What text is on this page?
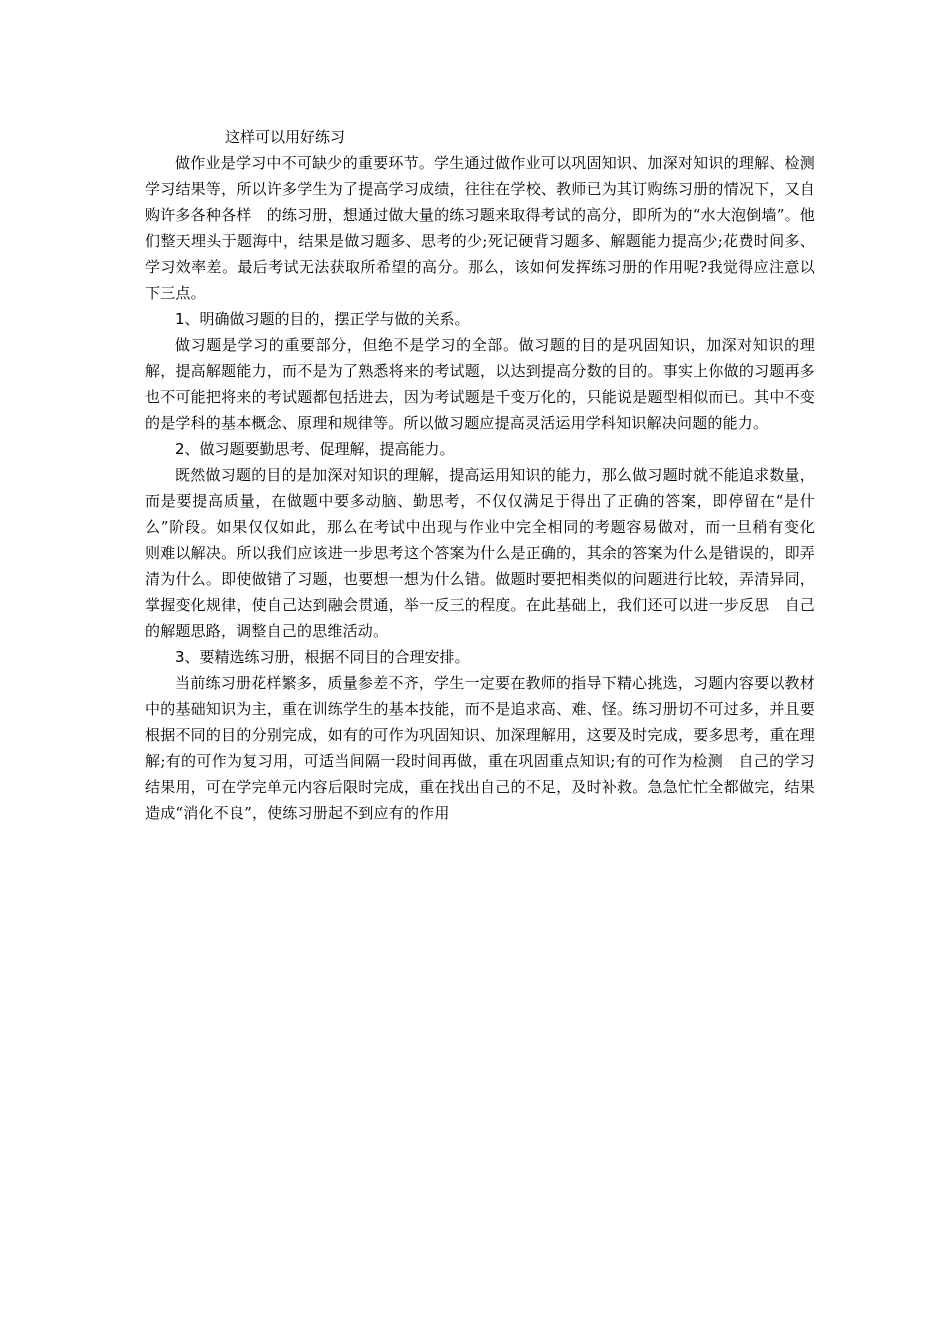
这样可以用好练习

做作业是学习中不可缺少的重要环节。学生通过做作业可以巩固知识、加深对知识的理解、检测学习结果等，所以许多学生为了提高学习成绩，往往在学校、教师已为其订购练习册的情况下，又自购许多各种各样　的练习册，想通过做大量的练习题来取得考试的高分，即所为的“水大泡倒墙”。他们整天埋头于题海中，结果是做习题多、思考的少;死记硬背习题多、解题能力提高少;花费时间多、学习效率差。最后考试无法获取所希望的高分。那么，该如何发挥练习册的作用呢?我觉得应注意以下三点。

1、明确做习题的目的，摆正学与做的关系。

做习题是学习的重要部分，但绝不是学习的全部。做习题的目的是巩固知识，加深对知识的理解，提高解题能力，而不是为了熟悉将来的考试题，以达到提高分数的目的。事实上你做的习题再多也不可能把将来的考试题都包括进去，因为考试题是千变万化的，只能说是题型相似而已。其中不变的是学科的基本概念、原理和规律等。所以做习题应提高灵活运用学科知识解决问题的能力。

2、做习题要勤思考、促理解，提高能力。

既然做习题的目的是加深对知识的理解，提高运用知识的能力，那么做习题时就不能追求数量，而是要提高质量，在做题中要多动脑、勤思考，不仅仅满足于得出了正确的答案，即停留在“是什么”阶段。如果仅仅如此，那么在考试中出现与作业中完全相同的考题容易做对，而一旦稍有变化　则难以解决。所以我们应该进一步思考这个答案为什么是正确的，其余的答案为什么是错误的，即弄清为什么。即使做错了习题，也要想一想为什么错。做题时要把相类似的问题进行比较，弄清异同，掌握变化规律，使自己达到融会贯通，举一反三的程度。在此基础上，我们还可以进一步反思　自己的解题思路，调整自己的思维活动。

3、要精选练习册，根据不同目的合理安排。

当前练习册花样繁多，质量参差不齐，学生一定要在教师的指导下精心挑选，习题内容要以教材中的基础知识为主，重在训练学生的基本技能，而不是追求高、难、怪。练习册切不可过多，并且要根据不同的目的分别完成，如有的可作为巩固知识、加深理解用，这要及时完成，要多思考，重在理解;有的可作为复习用，可适当间隔一段时间再做，重在巩固重点知识;有的可作为检测　自己的学习结果用，可在学完单元内容后限时完成，重在找出自己的不足，及时补救。急急忙忙全都做完，结果造成“消化不良”，使练习册起不到应有的作用
